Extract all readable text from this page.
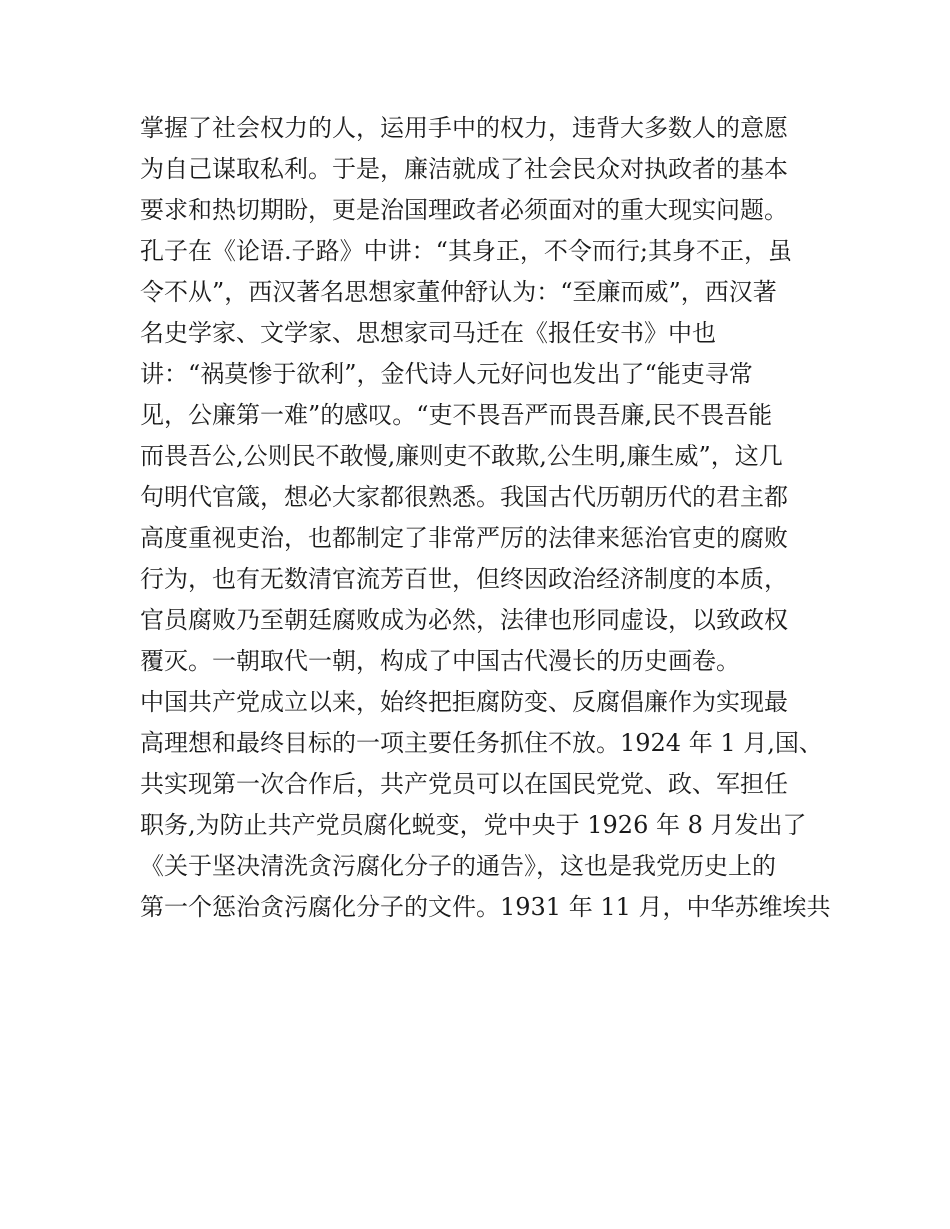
掌握了社会权力的人，运用手中的权力，违背大多数人的意愿
为自己谋取私利。于是，廉洁就成了社会民众对执政者的基本
要求和热切期盼，更是治国理政者必须面对的重大现实问题。
孔子在《论语.子路》中讲：“其身正，不令而行;其身不正，虽
令不从”，西汉著名思想家董仲舒认为：“至廉而威”，西汉著
名史学家、文学家、思想家司马迁在《报任安书》中也
讲：“祸莫惨于欲利”，金代诗人元好问也发出了“能吏寻常
见，公廉第一难”的感叹。“吏不畏吾严而畏吾廉,民不畏吾能
而畏吾公,公则民不敢慢,廉则吏不敢欺,公生明,廉生威”，这几
句明代官箴，想必大家都很熟悉。我国古代历朝历代的君主都
高度重视吏治，也都制定了非常严厉的法律来惩治官吏的腐败
行为，也有无数清官流芳百世，但终因政治经济制度的本质，
官员腐败乃至朝廷腐败成为必然，法律也形同虚设，以致政权
覆灭。一朝取代一朝，构成了中国古代漫长的历史画卷。
中国共产党成立以来，始终把拒腐防变、反腐倡廉作为实现最
高理想和最终目标的一项主要任务抓住不放。1924 年 1 月,国、
共实现第一次合作后，共产党员可以在国民党党、政、军担任
职务,为防止共产党员腐化蜕变，党中央于 1926 年 8 月发出了
《关于坚决清洗贪污腐化分子的通告》，这也是我党历史上的
第一个惩治贪污腐化分子的文件。1931 年 11 月，中华苏维埃共
